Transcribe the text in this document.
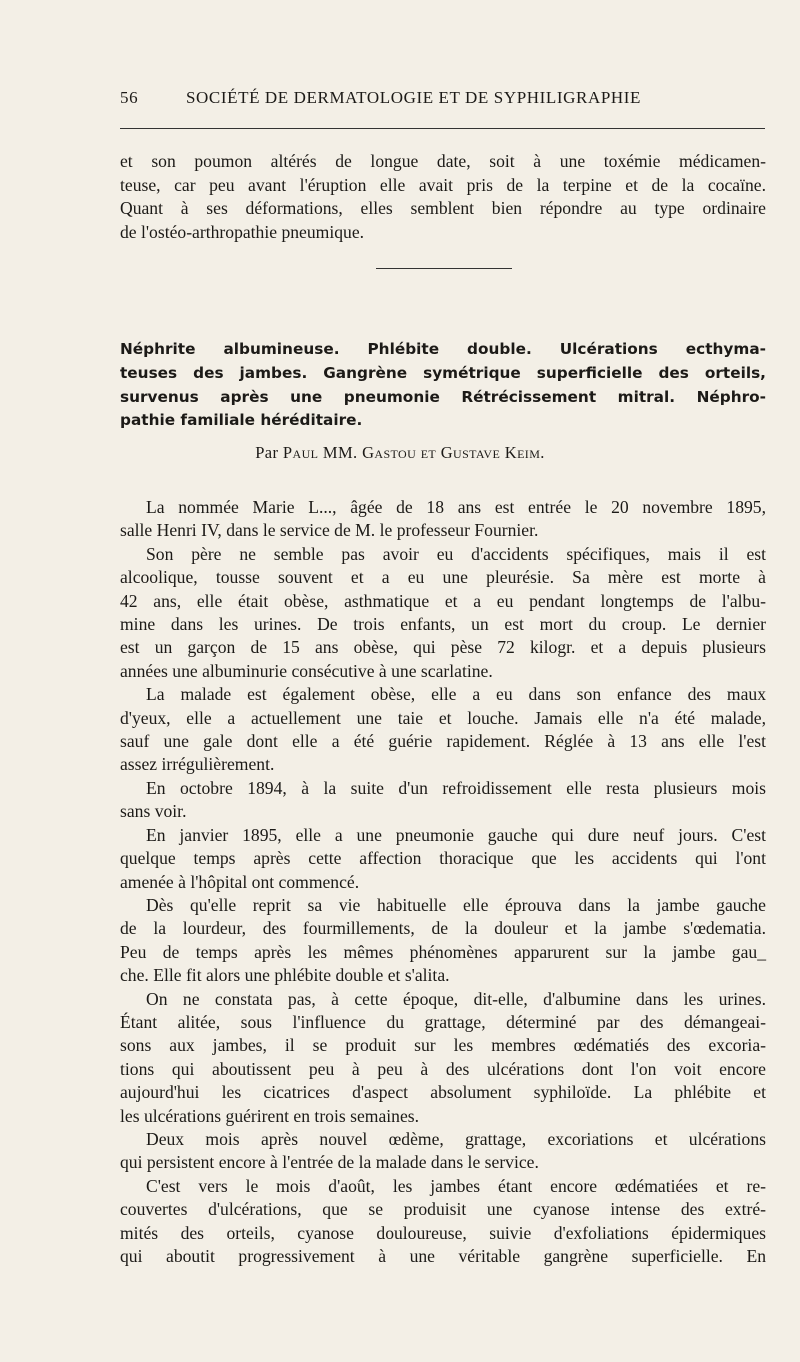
56	SOCIÉTÉ DE DERMATOLOGIE ET DE SYPHILIGRAPHIE
et son poumon altérés de longue date, soit à une toxémie médicamen-
teuse, car peu avant l'éruption elle avait pris de la terpine et de la cocaïne.
Quant à ses déformations, elles semblent bien répondre au type ordinaire
de l'ostéo-arthropathie pneumique.
Néphrite albumineuse. Phlébite double. Ulcérations ecthyma-
teuses des jambes. Gangrène symétrique superficielle des orteils,
survenus après une pneumonie Rétrécissement mitral. Néphro-
pathie familiale héréditaire.
Par Paul MM. Gastou et Gustave Keim.
La nommée Marie L..., âgée de 18 ans est entrée le 20 novembre 1895,
salle Henri IV, dans le service de M. le professeur Fournier.
Son père ne semble pas avoir eu d'accidents spécifiques, mais il est
alcoolique, tousse souvent et a eu une pleurésie. Sa mère est morte à
42 ans, elle était obèse, asthmatique et a eu pendant longtemps de l'albu-
mine dans les urines. De trois enfants, un est mort du croup. Le dernier
est un garçon de 15 ans obèse, qui pèse 72 kilogr. et a depuis plusieurs
années une albuminurie consécutive à une scarlatine.
La malade est également obèse, elle a eu dans son enfance des maux
d'yeux, elle a actuellement une taie et louche. Jamais elle n'a été malade,
sauf une gale dont elle a été guérie rapidement. Réglée à 13 ans elle l'est
assez irrégulièrement.
En octobre 1894, à la suite d'un refroidissement elle resta plusieurs mois
sans voir.
En janvier 1895, elle a une pneumonie gauche qui dure neuf jours. C'est
quelque temps après cette affection thoracique que les accidents qui l'ont
amenée à l'hôpital ont commencé.
Dès qu'elle reprit sa vie habituelle elle éprouva dans la jambe gauche
de la lourdeur, des fourmillements, de la douleur et la jambe s'œdematia.
Peu de temps après les mêmes phénomènes apparurent sur la jambe gau_
che. Elle fit alors une phlébite double et s'alita.
On ne constata pas, à cette époque, dit-elle, d'albumine dans les urines.
Étant alitée, sous l'influence du grattage, déterminé par des démangeai-
sons aux jambes, il se produit sur les membres œdématiés des excoria-
tions qui aboutissent peu à peu à des ulcérations dont l'on voit encore
aujourd'hui les cicatrices d'aspect absolument syphiloïde. La phlébite et
les ulcérations guérirent en trois semaines.
Deux mois après nouvel œdème, grattage, excoriations et ulcérations
qui persistent encore à l'entrée de la malade dans le service.
C'est vers le mois d'août, les jambes étant encore œdématiées et re-
couvertes d'ulcérations, que se produisit une cyanose intense des extré-
mités des orteils, cyanose douloureuse, suivie d'exfoliations épidermiques
qui aboutit progressivement à une véritable gangrène superficielle. En
